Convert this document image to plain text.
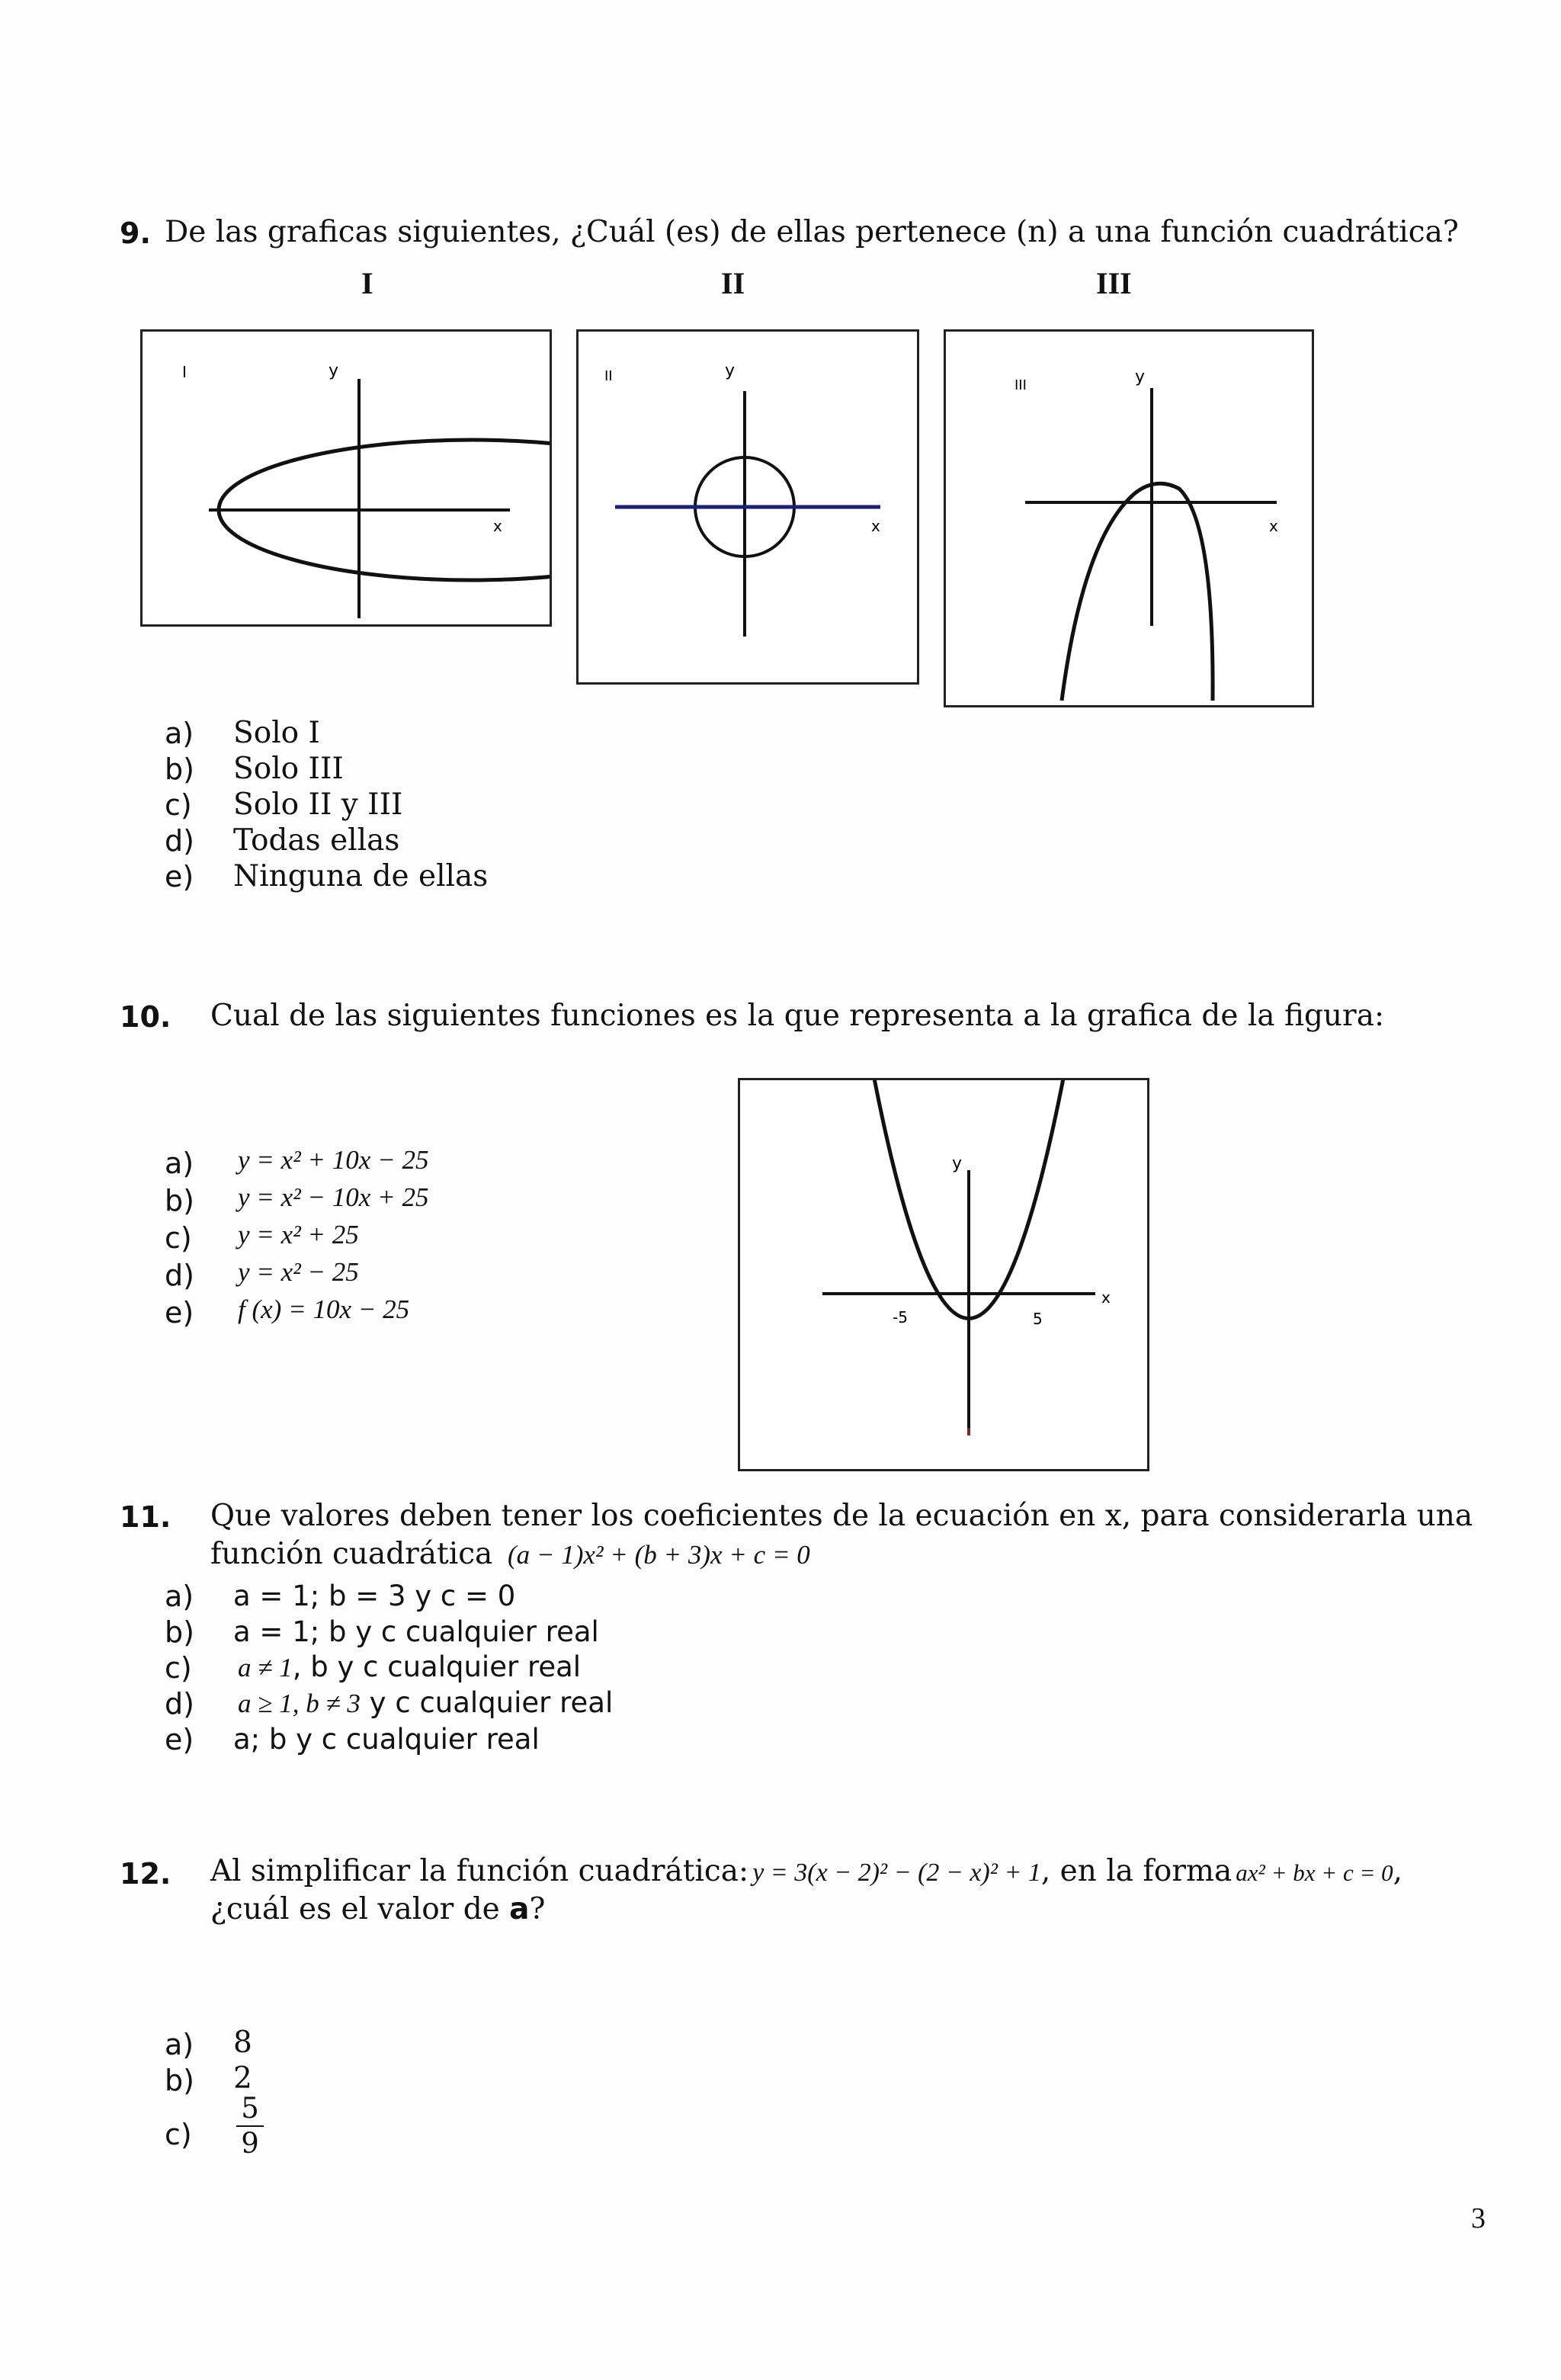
9. De las graficas siguientes, ¿Cuál (es) de ellas pertenece (n) a una función cuadrática?
I	II	III
I	y
x
II	y
x
III	y
x
a) Solo I
b) Solo III
c) Solo II y III
d) Todas ellas
e) Ninguna de ellas
10. Cual de las siguientes funciones es la que representa a la grafica de la figura:
a) y = x² + 10x − 25
b) y = x² − 10x + 25
c) y = x² + 25
d) y = x² − 25
e) f (x) = 10x − 25
y
x
-5	5
11. Que valores deben tener los coeficientes de la ecuación en x, para considerarla una
función cuadrática (a − 1)x² + (b + 3)x + c = 0
a) a = 1; b = 3 y c = 0
b) a = 1; b y c cualquier real
c) a ≠ 1, b y c cualquier real
d) a ≥ 1, b ≠ 3 y c cualquier real
e) a; b y c cualquier real
12. Al simplificar la función cuadrática: y = 3(x − 2)² − (2 − x)² + 1, en la forma ax² + bx + c = 0,
¿cuál es el valor de a?
a) 8
b) 2
c)
5
9
3
